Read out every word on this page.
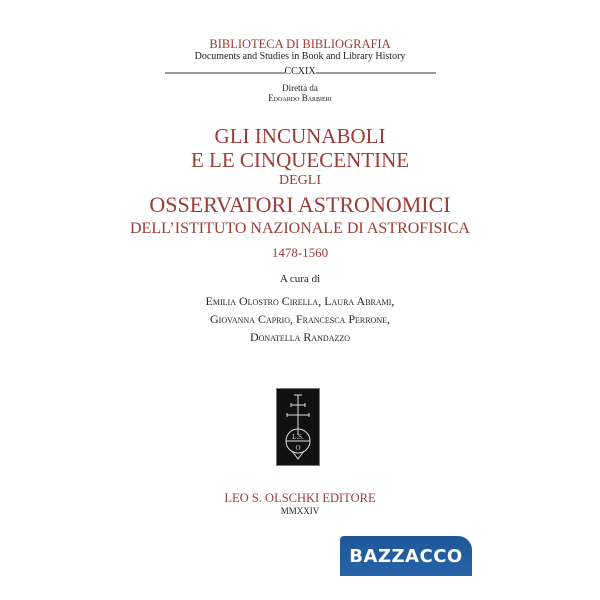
BIBLIOTECA DI BIBLIOGRAFIA
Documents and Studies in Book and Library History
CCXIX
Diretta da
Edoardo Barbieri
GLI INCUNABOLI
E LE CINQUECENTINE
DEGLI
OSSERVATORI ASTRONOMICI
DELL’ISTITUTO NAZIONALE DI ASTROFISICA
1478-1560
A cura di
Emilia Olostro Cirella, Laura Abrami,
Giovanna Caprio, Francesca Perrone,
Donatella Randazzo
L.S.
O
LEO S. OLSCHKI EDITORE
MMXXIV
BAZZACCO
